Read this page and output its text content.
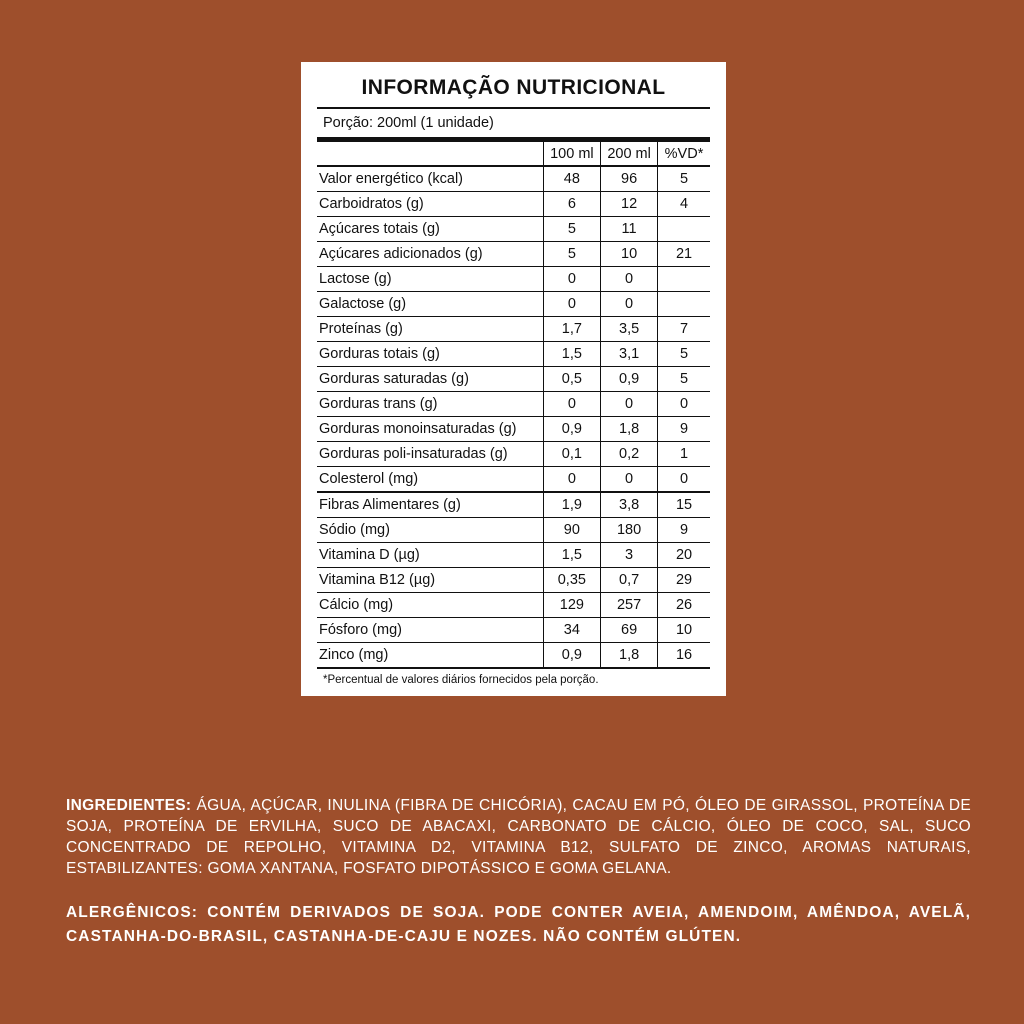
INFORMAÇÃO NUTRICIONAL
Porção: 200ml (1 unidade)
	100 ml	200 ml	%VD*
Valor energético (kcal)	48	96	5
Carboidratos (g)	6	12	4
Açúcares totais (g)	5	11	
Açúcares adicionados (g)	5	10	21
Lactose (g)	0	0	
Galactose (g)	0	0	
Proteínas (g)	1,7	3,5	7
Gorduras totais (g)	1,5	3,1	5
Gorduras saturadas (g)	0,5	0,9	5
Gorduras trans (g)	0	0	0
Gorduras monoinsaturadas (g)	0,9	1,8	9
Gorduras poli-insaturadas (g)	0,1	0,2	1
Colesterol (mg)	0	0	0
Fibras Alimentares (g)	1,9	3,8	15
Sódio (mg)	90	180	9
Vitamina D (µg)	1,5	3	20
Vitamina B12 (µg)	0,35	0,7	29
Cálcio (mg)	129	257	26
Fósforo (mg)	34	69	10
Zinco (mg)	0,9	1,8	16
*Percentual de valores diários fornecidos pela porção.

INGREDIENTES: ÁGUA, AÇÚCAR, INULINA (FIBRA DE CHICÓRIA), CACAU EM PÓ, ÓLEO DE GIRASSOL, PROTEÍNA DE SOJA, PROTEÍNA DE ERVILHA, SUCO DE ABACAXI, CARBONATO DE CÁLCIO, ÓLEO DE COCO, SAL, SUCO CONCENTRADO DE REPOLHO, VITAMINA D2, VITAMINA B12, SULFATO DE ZINCO, AROMAS NATURAIS, ESTABILIZANTES: GOMA XANTANA, FOSFATO DIPOTÁSSICO E GOMA GELANA.

ALERGÊNICOS: CONTÉM DERIVADOS DE SOJA. PODE CONTER AVEIA, AMENDOIM, AMÊNDOA, AVELÃ, CASTANHA-DO-BRASIL, CASTANHA-DE-CAJU E NOZES. NÃO CONTÉM GLÚTEN.
